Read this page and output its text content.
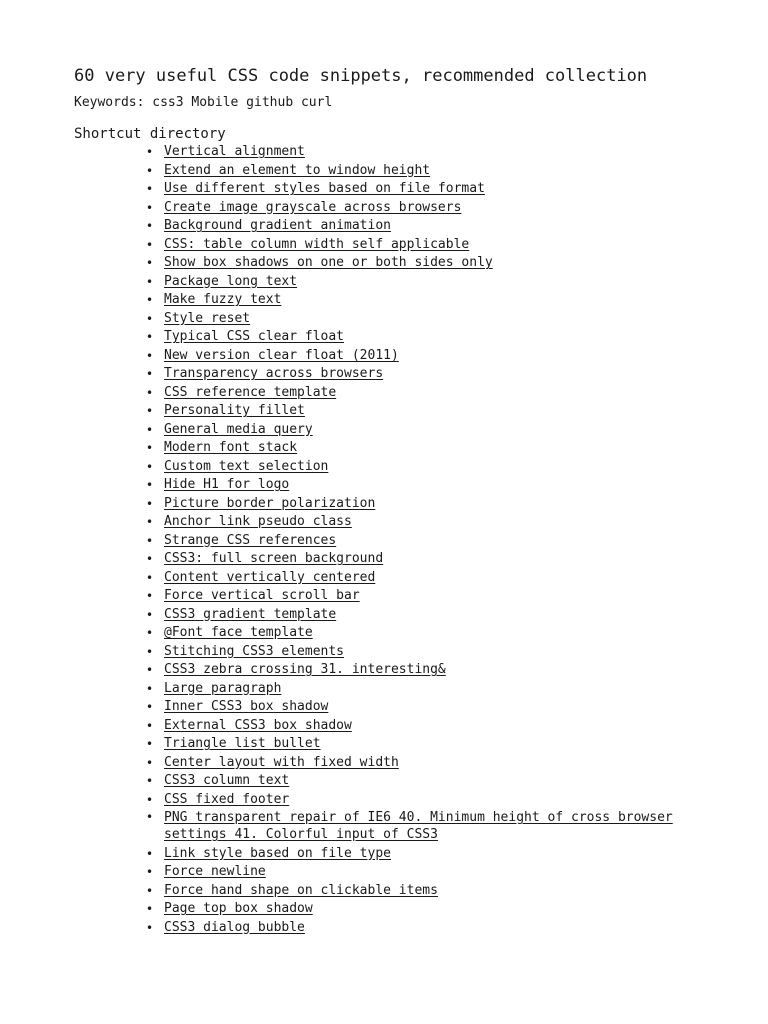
60 very useful CSS code snippets, recommended collection
Keywords: css3 Mobile github curl
Shortcut directory
• Vertical alignment
• Extend an element to window height
• Use different styles based on file format
• Create image grayscale across browsers
• Background gradient animation
• CSS: table column width self applicable
• Show box shadows on one or both sides only
• Package long text
• Make fuzzy text
• Style reset
• Typical CSS clear float
• New version clear float (2011)
• Transparency across browsers
• CSS reference template
• Personality fillet
• General media query
• Modern font stack
• Custom text selection
• Hide H1 for logo
• Picture border polarization
• Anchor link pseudo class
• Strange CSS references
• CSS3: full screen background
• Content vertically centered
• Force vertical scroll bar
• CSS3 gradient template
• @Font face template
• Stitching CSS3 elements
• CSS3 zebra crossing 31. interesting&
• Large paragraph
• Inner CSS3 box shadow
• External CSS3 box shadow
• Triangle list bullet
• Center layout with fixed width
• CSS3 column text
• CSS fixed footer
• PNG transparent repair of IE6 40. Minimum height of cross browser settings 41. Colorful input of CSS3
• Link style based on file type
• Force newline
• Force hand shape on clickable items
• Page top box shadow
• CSS3 dialog bubble
